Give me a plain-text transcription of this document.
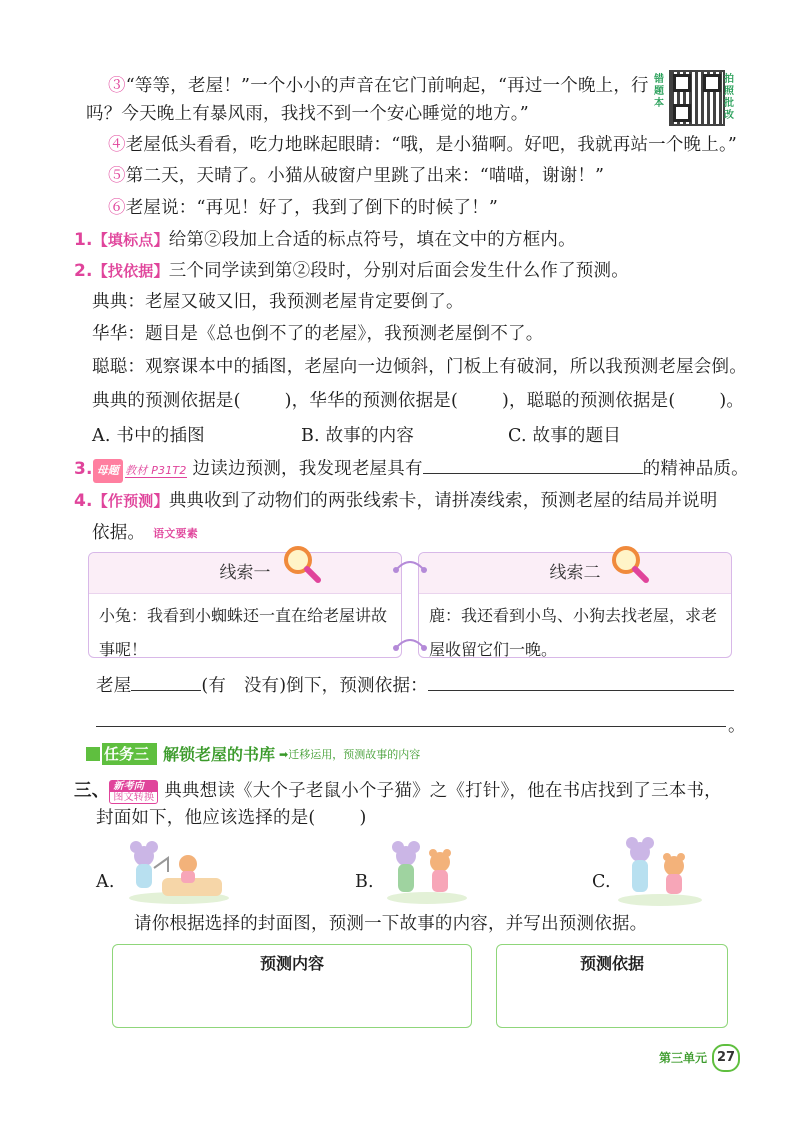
错题本
拍照批改
③“等等，老屋！”一个小小的声音在它门前响起，“再过一个晚上，行
吗？今天晚上有暴风雨，我找不到一个安心睡觉的地方。”
④老屋低头看看，吃力地眯起眼睛：“哦，是小猫啊。好吧，我就再站一个晚上。”
⑤第二天，天晴了。小猫从破窗户里跳了出来：“喵喵，谢谢！”
⑥老屋说：“再见！好了，我到了倒下的时候了！”
1.【填标点】给第②段加上合适的标点符号，填在文中的方框内。
2.【找依据】三个同学读到第②段时，分别对后面会发生什么作了预测。
典典：老屋又破又旧，我预测老屋肯定要倒了。
华华：题目是《总也倒不了的老屋》，我预测老屋倒不了。
聪聪：观察课本中的插图，老屋向一边倾斜，门板上有破洞，所以我预测老屋会倒。
典典的预测依据是(	)，华华的预测依据是(	)，聪聪的预测依据是(	)。
A. 书中的插图	B. 故事的内容	C. 故事的题目
3. 母题 教材 P31T2 边读边预测，我发现老屋具有	的精神品质。
4.【作预测】典典收到了动物们的两张线索卡，请拼凑线索，预测老屋的结局并说明
依据。 语文要素
线索一
小兔：我看到小蜘蛛还一直在给老屋讲故事呢！
线索二
鹿：我还看到小鸟、小狗去找老屋，求老屋收留它们一晚。
老屋	(有　没有)倒下，预测依据：
。
任务三 解锁老屋的书库 ➡迁移运用，预测故事的内容
三、 新考向
图文转换 典典想读《大个子老鼠小个子猫》之《打针》，他在书店找到了三本书，
封面如下，他应该选择的是(	)
A.	B.	C.
请你根据选择的封面图，预测一下故事的内容，并写出预测依据。
预测内容	预测依据
第三单元 27
